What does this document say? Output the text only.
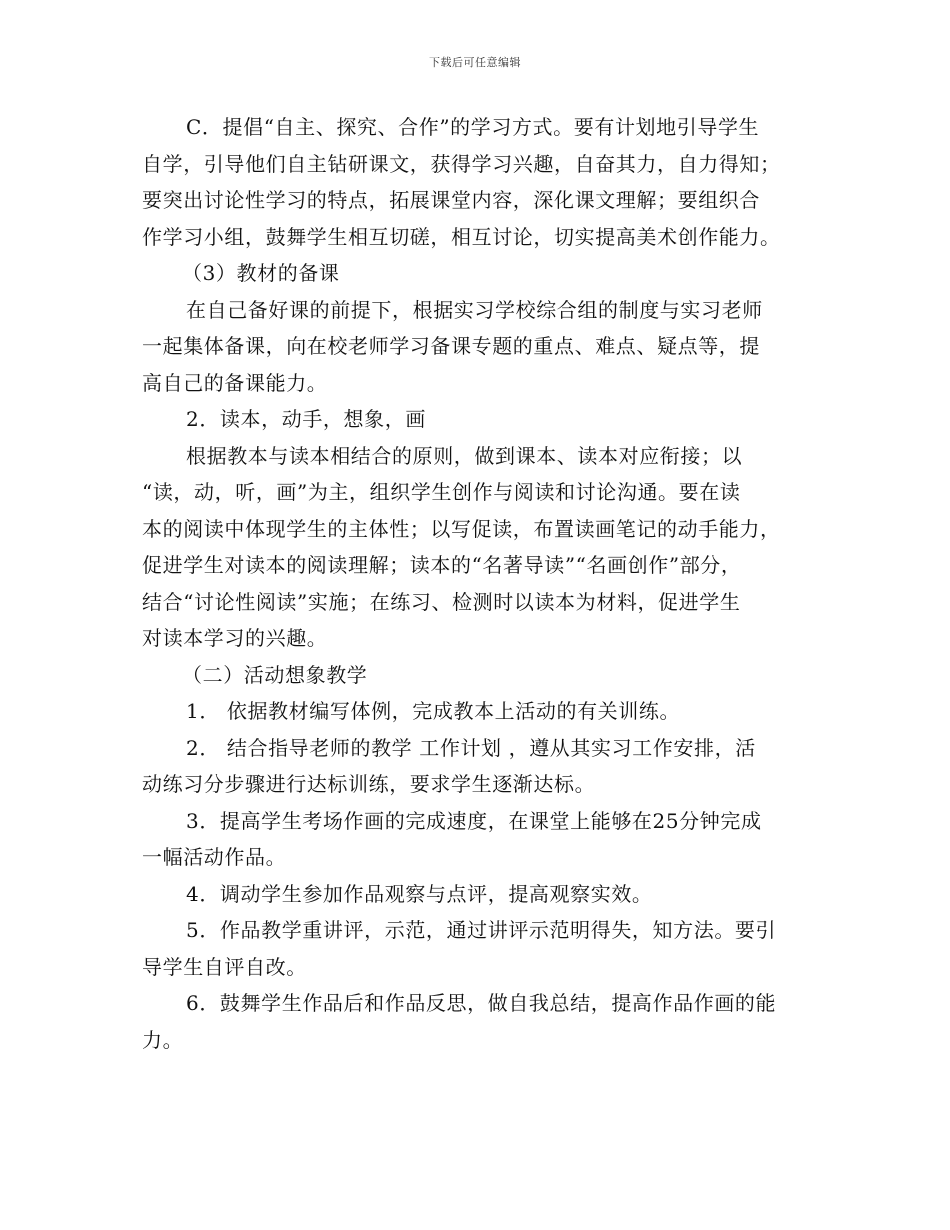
下载后可任意编辑
C．提倡“自主、探究、合作”的学习方式。要有计划地引导学生
自学，引导他们自主钻研课文，获得学习兴趣，自奋其力，自力得知；
要突出讨论性学习的特点，拓展课堂内容，深化课文理解；要组织合
作学习小组，鼓舞学生相互切磋，相互讨论，切实提高美术创作能力。
（3）教材的备课
在自己备好课的前提下，根据实习学校综合组的制度与实习老师
一起集体备课，向在校老师学习备课专题的重点、难点、疑点等，提
高自己的备课能力。
2．读本，动手，想象，画
根据教本与读本相结合的原则，做到课本、读本对应衔接；以
“读，动，听，画”为主，组织学生创作与阅读和讨论沟通。要在读
本的阅读中体现学生的主体性；以写促读，布置读画笔记的动手能力，
促进学生对读本的阅读理解；读本的“名著导读”“名画创作”部分，
结合“讨论性阅读”实施；在练习、检测时以读本为材料，促进学生
对读本学习的兴趣。
（二）活动想象教学
1． 依据教材编写体例，完成教本上活动的有关训练。
2． 结合指导老师的教学 工作计划 ，遵从其实习工作安排，活
动练习分步骤进行达标训练，要求学生逐渐达标。
3．提高学生考场作画的完成速度，在课堂上能够在25分钟完成
一幅活动作品。
4．调动学生参加作品观察与点评，提高观察实效。
5．作品教学重讲评，示范，通过讲评示范明得失，知方法。要引
导学生自评自改。
6．鼓舞学生作品后和作品反思，做自我总结，提高作品作画的能
力。
